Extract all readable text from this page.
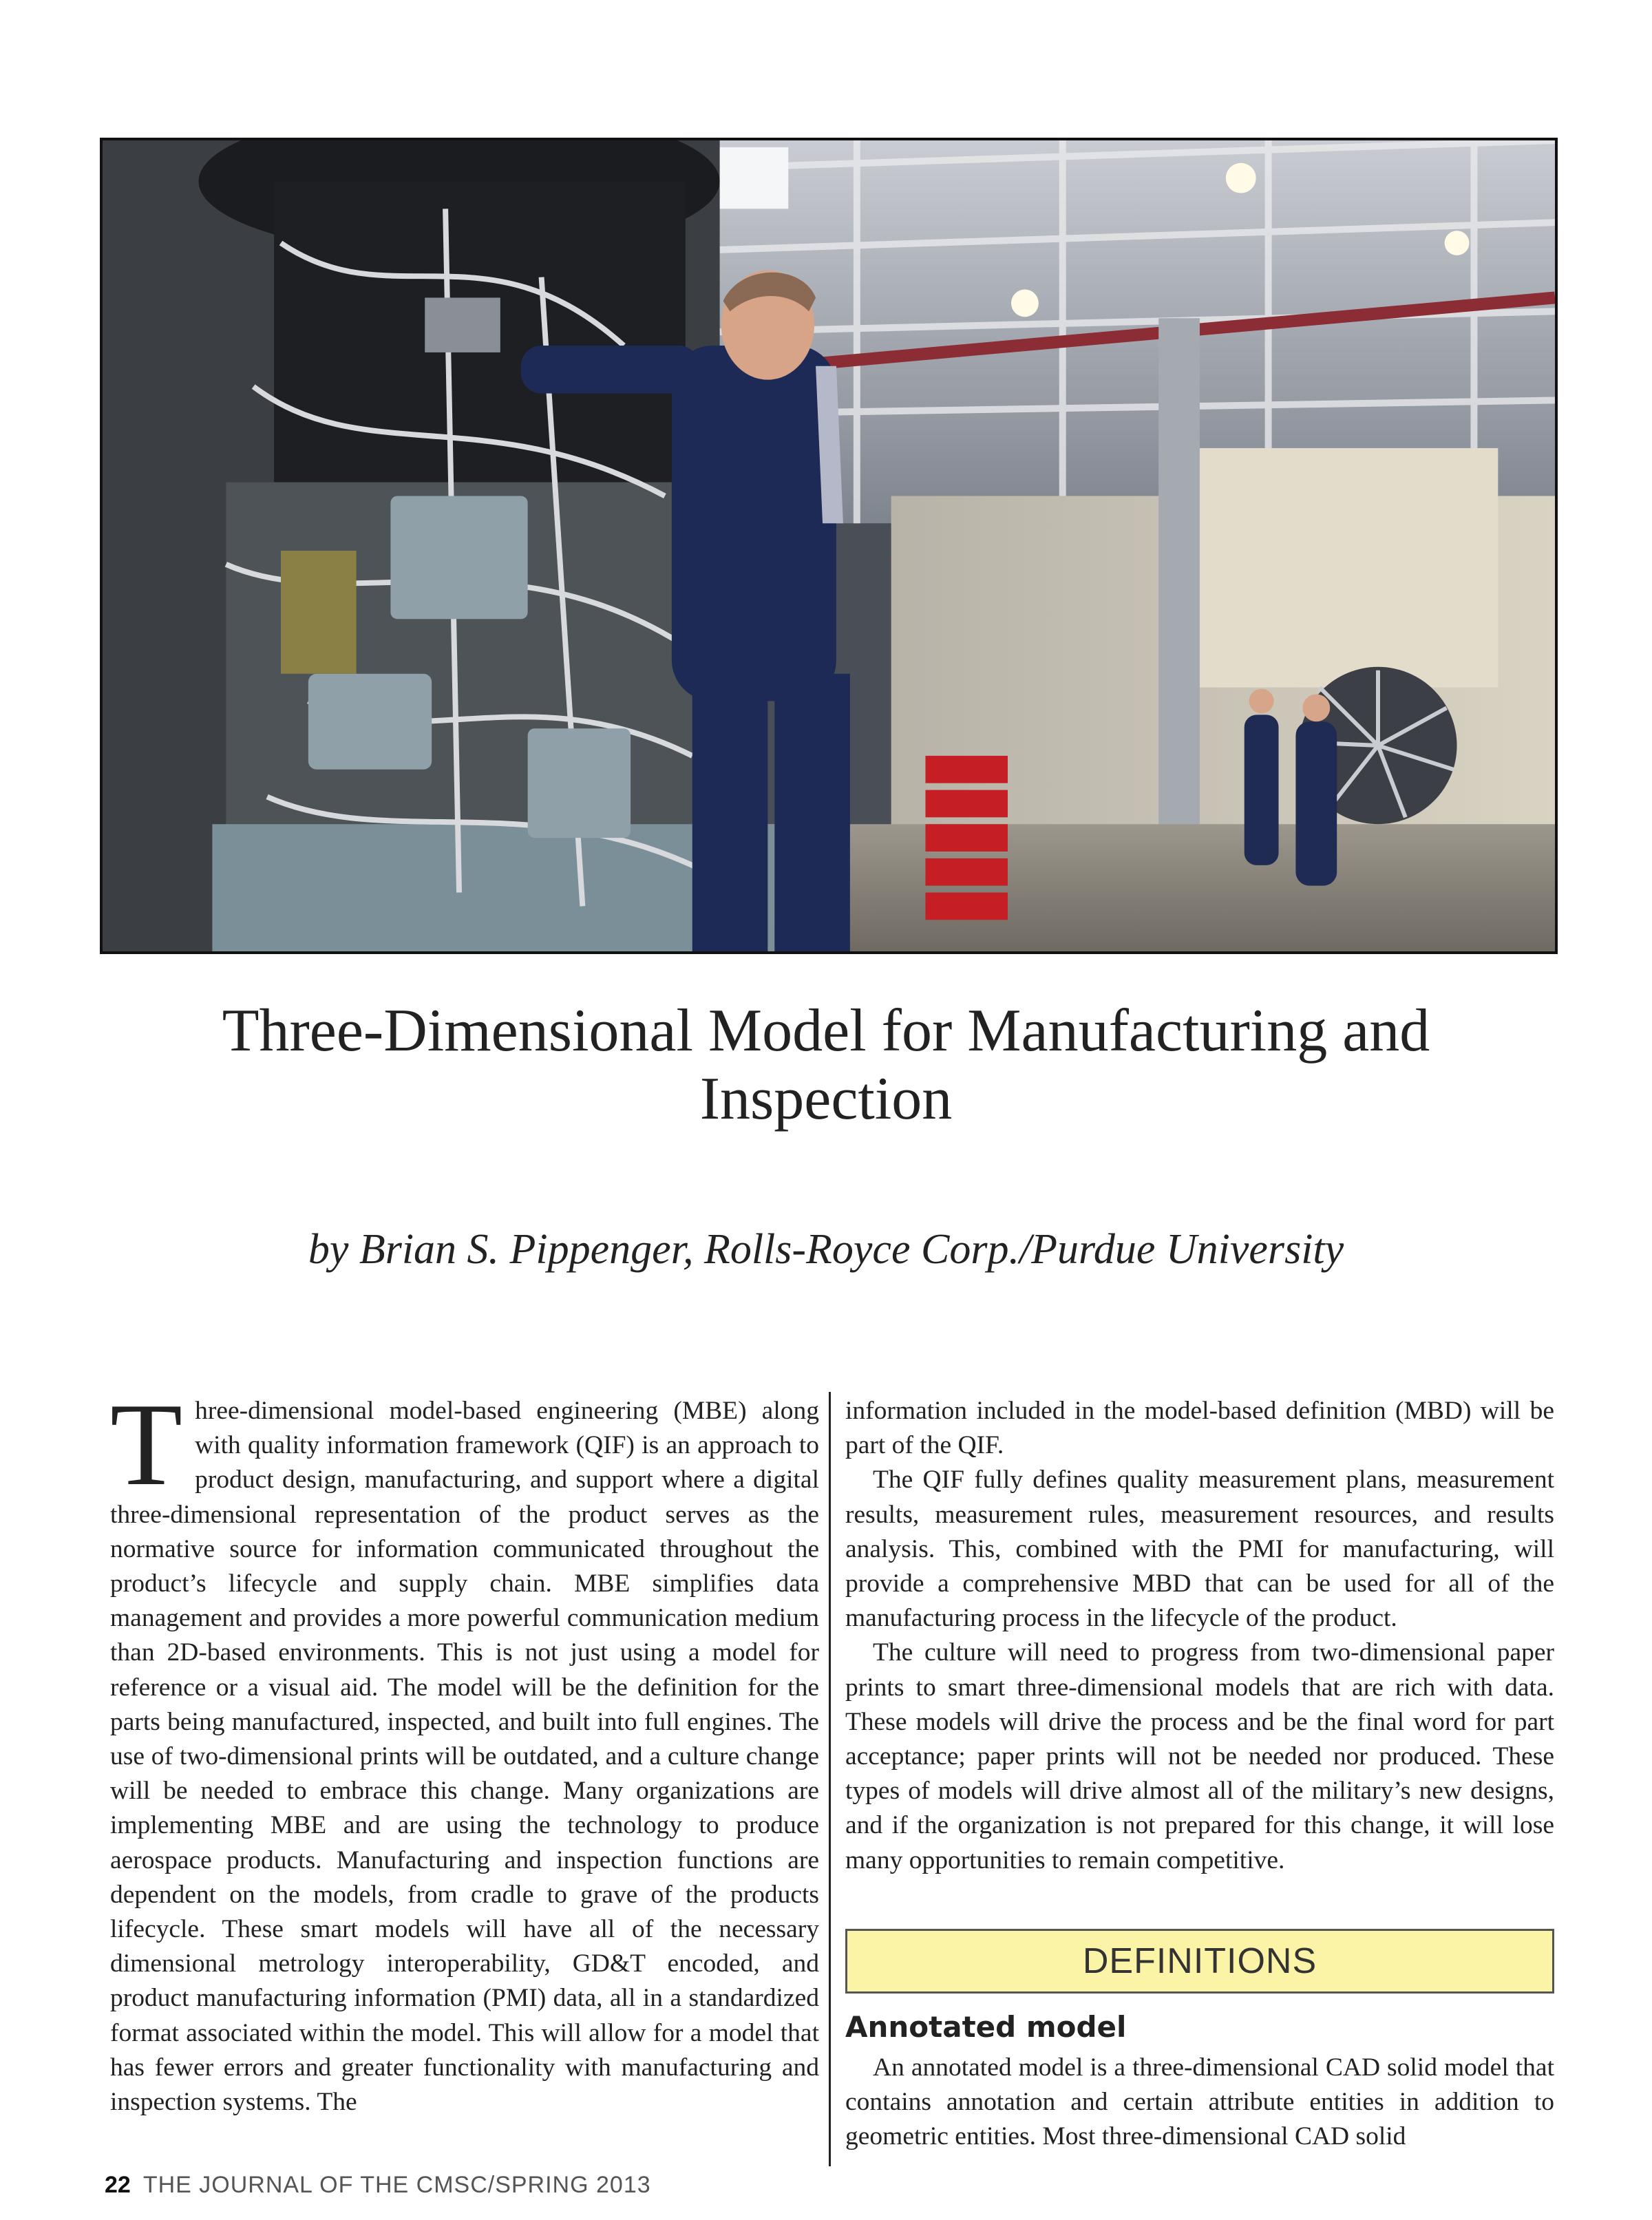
Three-Dimensional Model for Manufacturing and Inspection
by Brian S. Pippenger, Rolls-Royce Corp./Purdue University

Three-dimensional model-based engineering (MBE) along with quality information framework (QIF) is an approach to product design, manufacturing, and support where a digital three-dimensional representation of the product serves as the normative source for information communicated throughout the product’s lifecycle and supply chain. MBE simplifies data management and provides a more powerful communication medium than 2D-based environments. This is not just using a model for reference or a visual aid. The model will be the definition for the parts being manufactured, inspected, and built into full engines. The use of two-dimensional prints will be outdated, and a culture change will be needed to embrace this change. Many organizations are implementing MBE and are using the technology to produce aerospace products. Manufacturing and inspection functions are dependent on the models, from cradle to grave of the products lifecycle. These smart models will have all of the necessary dimensional metrology interoperability, GD&T encoded, and product manufacturing information (PMI) data, all in a standardized format associated within the model. This will allow for a model that has fewer errors and greater functionality with manufacturing and inspection systems. The

information included in the model-based definition (MBD) will be part of the QIF.

The QIF fully defines quality measurement plans, measurement results, measurement rules, measurement resources, and results analysis. This, combined with the PMI for manufacturing, will provide a comprehensive MBD that can be used for all of the manufacturing process in the lifecycle of the product.

The culture will need to progress from two-dimensional paper prints to smart three-dimensional models that are rich with data. These models will drive the process and be the final word for part acceptance; paper prints will not be needed nor produced. These types of models will drive almost all of the military’s new designs, and if the organization is not prepared for this change, it will lose many opportunities to remain competitive.

DEFINITIONS
Annotated model
An annotated model is a three-dimensional CAD solid model that contains annotation and certain attribute entities in addition to geometric entities. Most three-dimensional CAD solid
22 THE JOURNAL OF THE CMSC/SPRING 2013
